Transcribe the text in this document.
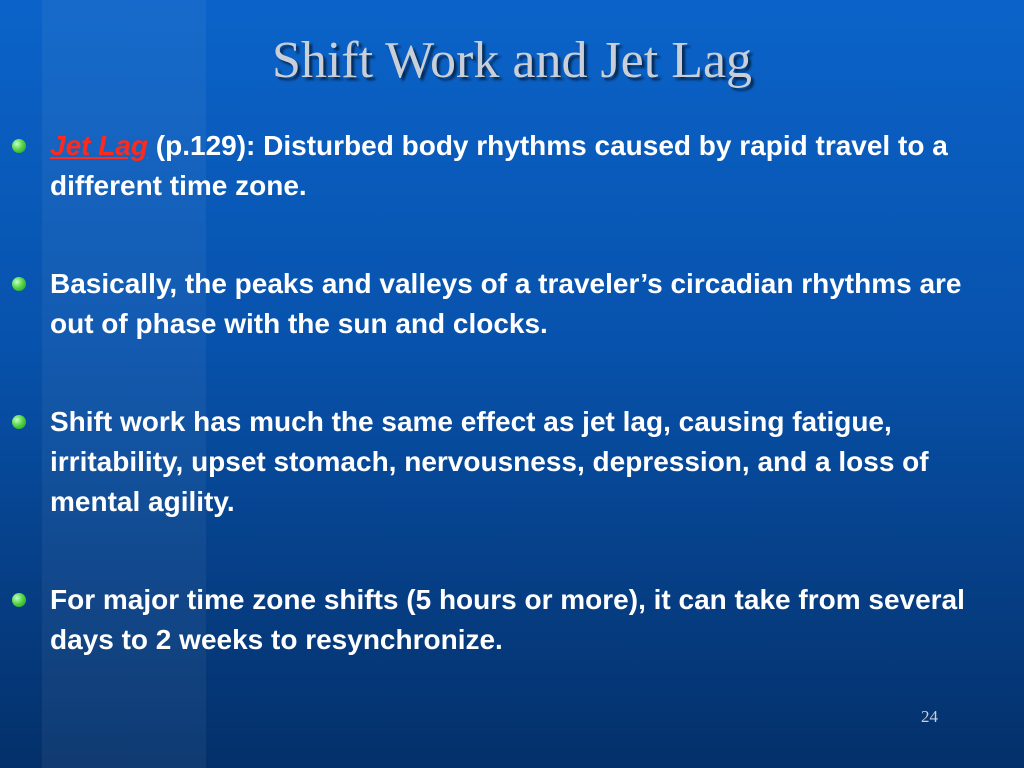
Shift Work and Jet Lag
Jet Lag (p.129): Disturbed body rhythms caused by rapid travel to a different time zone.
Basically, the peaks and valleys of a traveler’s circadian rhythms are out of phase with the sun and clocks.
Shift work has much the same effect as jet lag, causing fatigue, irritability, upset stomach, nervousness, depression, and a loss of mental agility.
For major time zone shifts (5 hours or more), it can take from several days to 2 weeks to resynchronize.
24
